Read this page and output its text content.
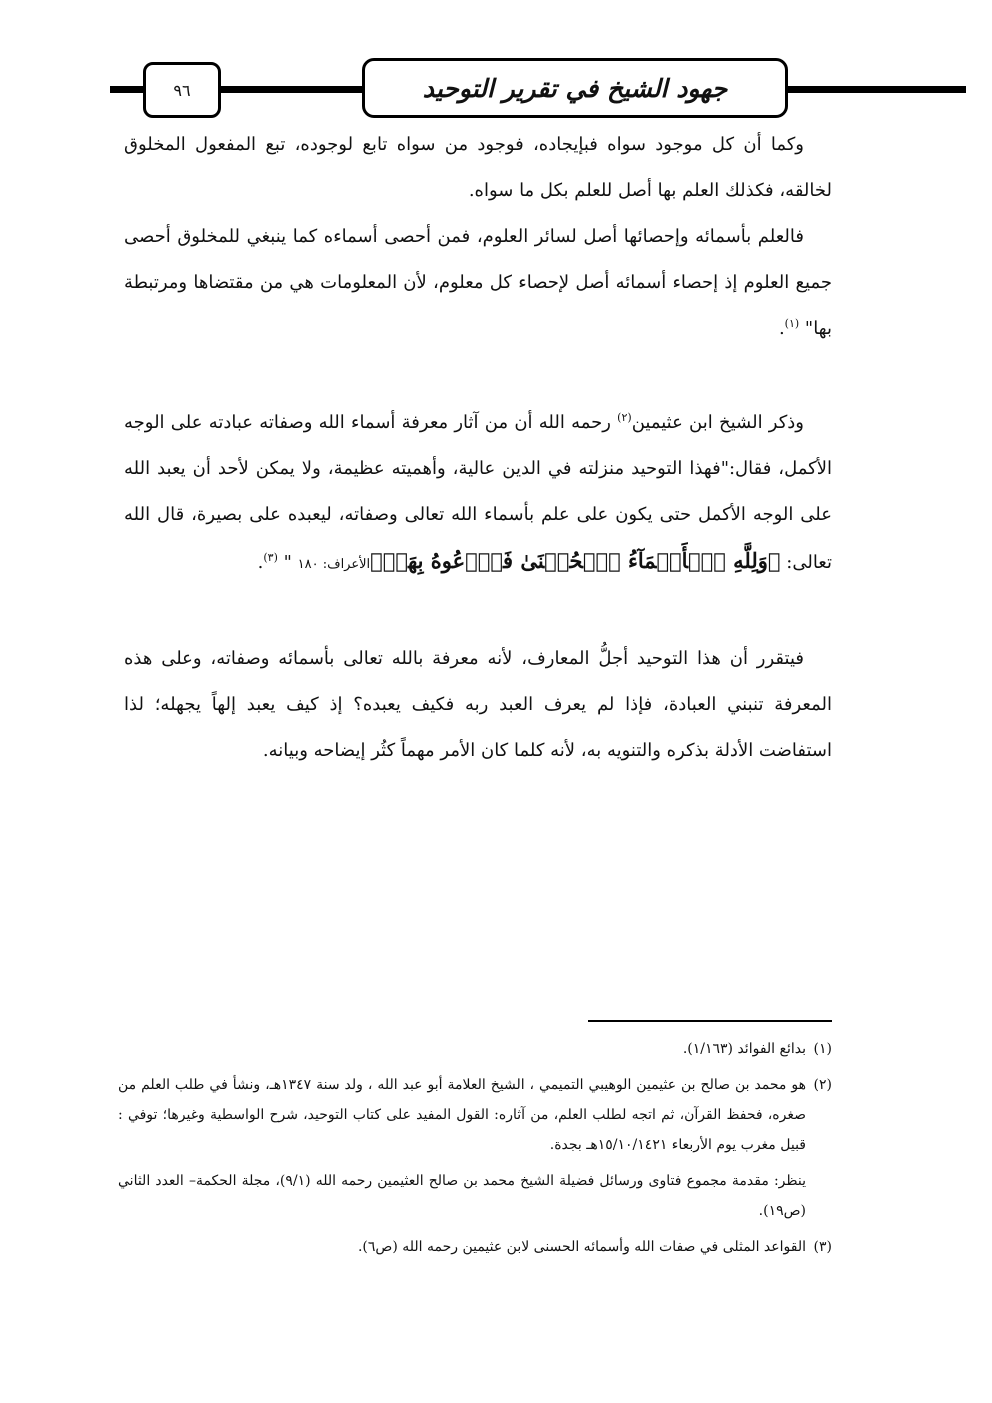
٩٦	جهود الشيخ في تقرير التوحيد

وكما أن كل موجود سواه فبإيجاده، فوجود من سواه تابع لوجوده، تبع المفعول المخلوق لخالقه، فكذلك العلم بها أصل للعلم بكل ما سواه.

فالعلم بأسمائه وإحصائها أصل لسائر العلوم، فمن أحصى أسماءه كما ينبغي للمخلوق أحصى جميع العلوم إذ إحصاء أسمائه أصل لإحصاء كل معلوم، لأن المعلومات هي من مقتضاها ومرتبطة بها" $^{(١)}$.

وذكر الشيخ ابن عثيمين$^{(٢)}$ رحمه الله أن من آثار معرفة أسماء الله وصفاته عبادته على الوجه الأكمل، فقال:"فهذا التوحيد منزلته في الدين عالية، وأهميته عظيمة، ولا يمكن لأحد أن يعبد الله على الوجه الأكمل حتى يكون على علم بأسماء الله تعالى وصفاته، ليعبده على بصيرة، قال الله تعالى: ﴿وَلِلَّهِ ٱلۡأَسۡمَآءُ ٱلۡحُسۡنَىٰ فَٱدۡعُوهُ بِهَاۖ﴾الأعراف: ١٨٠ " $^{(٣)}$.

فيتقرر أن هذا التوحيد أجلُّ المعارف، لأنه معرفة بالله تعالى بأسمائه وصفاته، وعلى هذه المعرفة تنبني العبادة، فإذا لم يعرف العبد ربه فكيف يعبده؟ إذ كيف يعبد إلهاً يجهله؛ لذا استفاضت الأدلة بذكره والتنويه به، لأنه كلما كان الأمر مهماً كثُر إيضاحه وبيانه.

(١)
بدائع الفوائد (١/١٦٣).

(٢)
هو محمد بن صالح بن عثيمين الوهيبي التميمي ، الشيخ العلامة أبو عبد الله ، ولد سنة ١٣٤٧هـ، ونشأ في طلب العلم من صغره، فحفظ القرآن، ثم اتجه لطلب العلم، من آثاره: القول المفيد على كتاب التوحيد، شرح الواسطية وغيرها؛ توفي : قبيل مغرب يوم الأربعاء ١٥/١٠/١٤٢١هـ بجدة.

ينظر: مقدمة مجموع فتاوى ورسائل فضيلة الشيخ محمد بن صالح العثيمين رحمه الله (٩/١)، مجلة الحكمة– العدد الثاني (ص١٩).

(٣)
القواعد المثلى في صفات الله وأسمائه الحسنى لابن عثيمين رحمه الله (ص٦).
